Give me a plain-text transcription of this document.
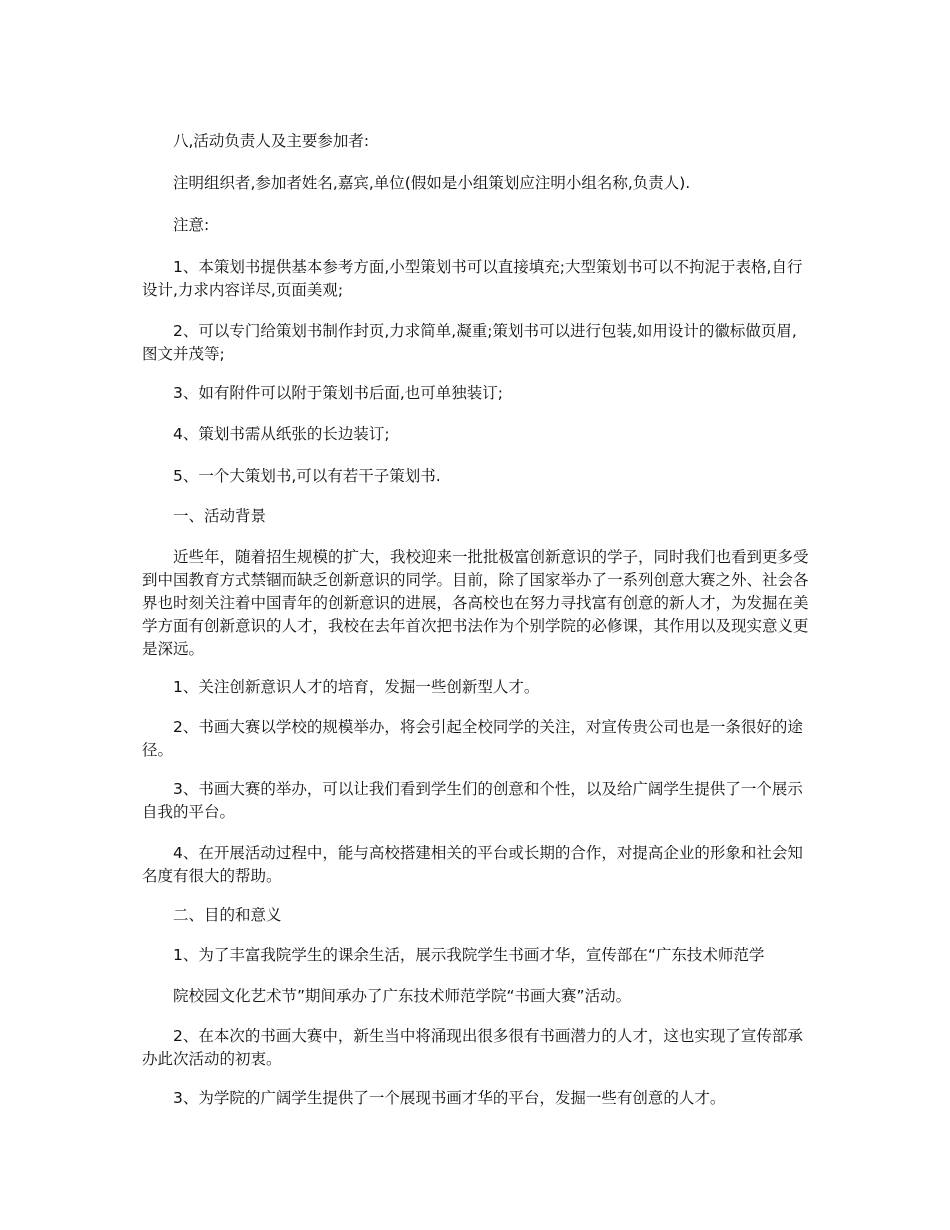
八,活动负责人及主要参加者:

注明组织者,参加者姓名,嘉宾,单位(假如是小组策划应注明小组名称,负责人).

注意:

1、本策划书提供基本参考方面,小型策划书可以直接填充;大型策划书可以不拘泥于表格,自行设计,力求内容详尽,页面美观;

2、可以专门给策划书制作封页,力求简单,凝重;策划书可以进行包装,如用设计的徽标做页眉,图文并茂等;

3、如有附件可以附于策划书后面,也可单独装订;

4、策划书需从纸张的长边装订;

5、一个大策划书,可以有若干子策划书.

一、活动背景

近些年，随着招生规模的扩大，我校迎来一批批极富创新意识的学子，同时我们也看到更多受到中国教育方式禁锢而缺乏创新意识的同学。目前，除了国家举办了一系列创意大赛之外、社会各界也时刻关注着中国青年的创新意识的进展，各高校也在努力寻找富有创意的新人才，为发掘在美学方面有创新意识的人才，我校在去年首次把书法作为个别学院的必修课，其作用以及现实意义更是深远。

1、关注创新意识人才的培育，发掘一些创新型人才。

2、书画大赛以学校的规模举办，将会引起全校同学的关注，对宣传贵公司也是一条很好的途径。

3、书画大赛的举办，可以让我们看到学生们的创意和个性，以及给广阔学生提供了一个展示自我的平台。

4、在开展活动过程中，能与高校搭建相关的平台或长期的合作，对提高企业的形象和社会知名度有很大的帮助。

二、目的和意义

1、为了丰富我院学生的课余生活，展示我院学生书画才华，宣传部在“广东技术师范学

院校园文化艺术节”期间承办了广东技术师范学院“书画大赛”活动。

2、在本次的书画大赛中，新生当中将涌现出很多很有书画潜力的人才，这也实现了宣传部承办此次活动的初衷。

3、为学院的广阔学生提供了一个展现书画才华的平台，发掘一些有创意的人才。
